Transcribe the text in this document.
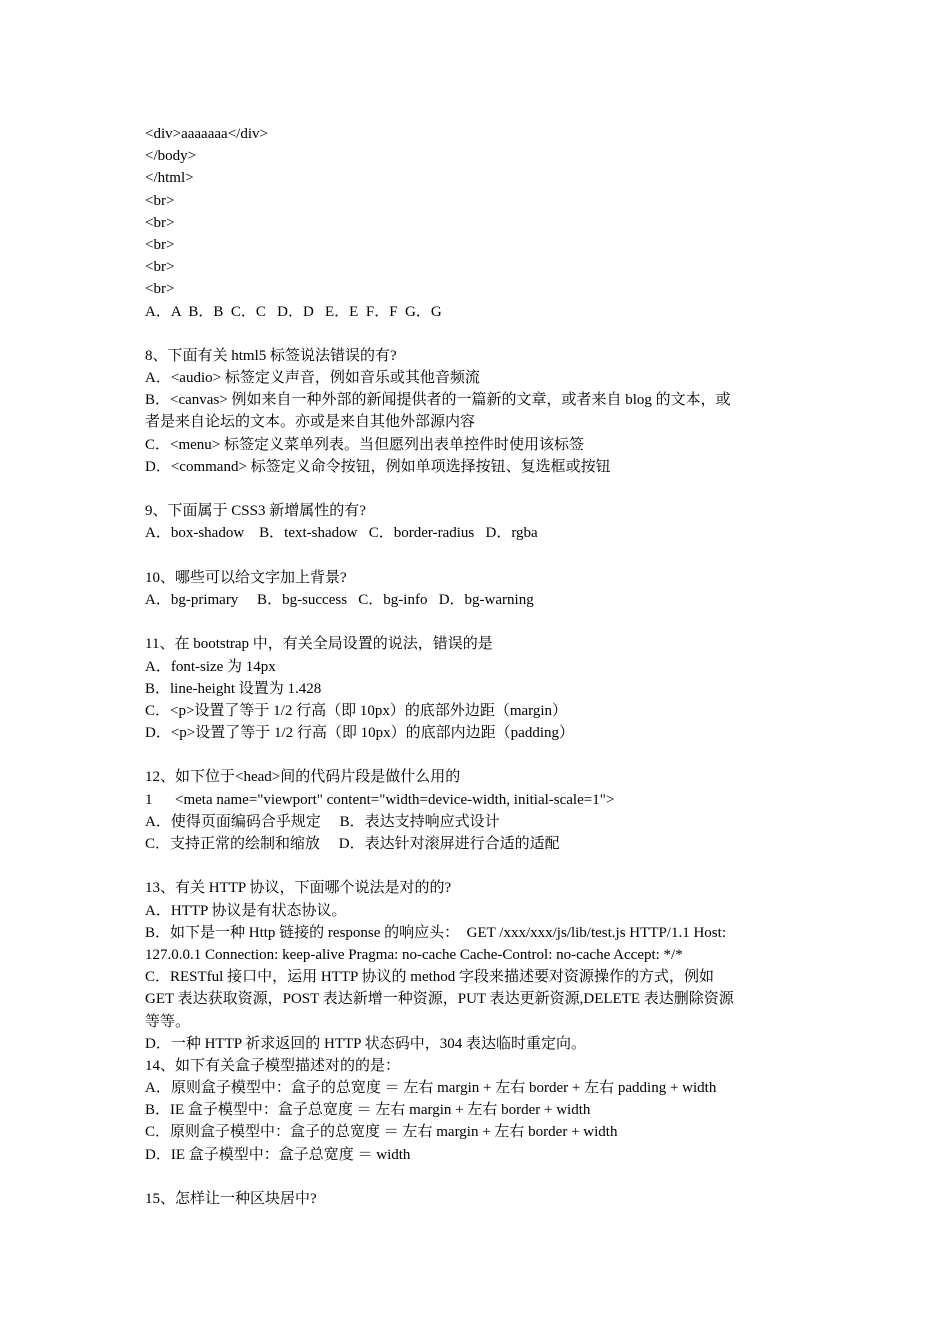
<div>aaaaaaa</div>
</body>
</html>
<br>
<br>
<br>
<br>
<br>
A．A  B．B  C．C   D．D   E．E  F．F  G．G
8、下面有关 html5 标签说法错误的有?
A．<audio> 标签定义声音，例如音乐或其他音频流
B．<canvas> 例如来自一种外部的新闻提供者的一篇新的文章，或者来自 blog 的文本，或
者是来自论坛的文本。亦或是来自其他外部源内容
C．<menu> 标签定义菜单列表。当但愿列出表单控件时使用该标签
D．<command> 标签定义命令按钮，例如单项选择按钮、复选框或按钮
9、下面属于 CSS3 新增属性的有?
A．box-shadow    B．text-shadow   C．border-radius   D．rgba
10、哪些可以给文字加上背景?
A．bg-primary     B．bg-success   C．bg-info   D．bg-warning
11、在 bootstrap 中，有关全局设置的说法，错误的是
A．font-size 为 14px
B．line-height 设置为 1.428
C．<p>设置了等于 1/2 行高（即 10px）的底部外边距（margin）
D．<p>设置了等于 1/2 行高（即 10px）的底部内边距（padding）
12、如下位于<head>间的代码片段是做什么用的
1      <meta name="viewport" content="width=device-width, initial-scale=1">
A．使得页面编码合乎规定     B．表达支持响应式设计
C．支持正常的绘制和缩放     D．表达针对滚屏进行合适的适配
13、有关 HTTP 协议，下面哪个说法是对的的?
A．HTTP 协议是有状态协议。
B．如下是一种 Http 链接的 response 的响应头：  GET /xxx/xxx/js/lib/test.js HTTP/1.1 Host:
127.0.0.1 Connection: keep-alive Pragma: no-cache Cache-Control: no-cache Accept: */*
C．RESTful 接口中，运用 HTTP 协议的 method 字段来描述要对资源操作的方式，例如
GET 表达获取资源，POST 表达新增一种资源，PUT 表达更新资源,DELETE 表达删除资源
等等。
D．一种 HTTP 祈求返回的 HTTP 状态码中，304 表达临时重定向。
14、如下有关盒子模型描述对的的是：
A．原则盒子模型中：盒子的总宽度 ＝ 左右 margin + 左右 border + 左右 padding + width
B．IE 盒子模型中：盒子总宽度 ＝ 左右 margin + 左右 border + width
C．原则盒子模型中：盒子的总宽度 ＝ 左右 margin + 左右 border + width
D．IE 盒子模型中：盒子总宽度 ＝ width
15、怎样让一种区块居中?
